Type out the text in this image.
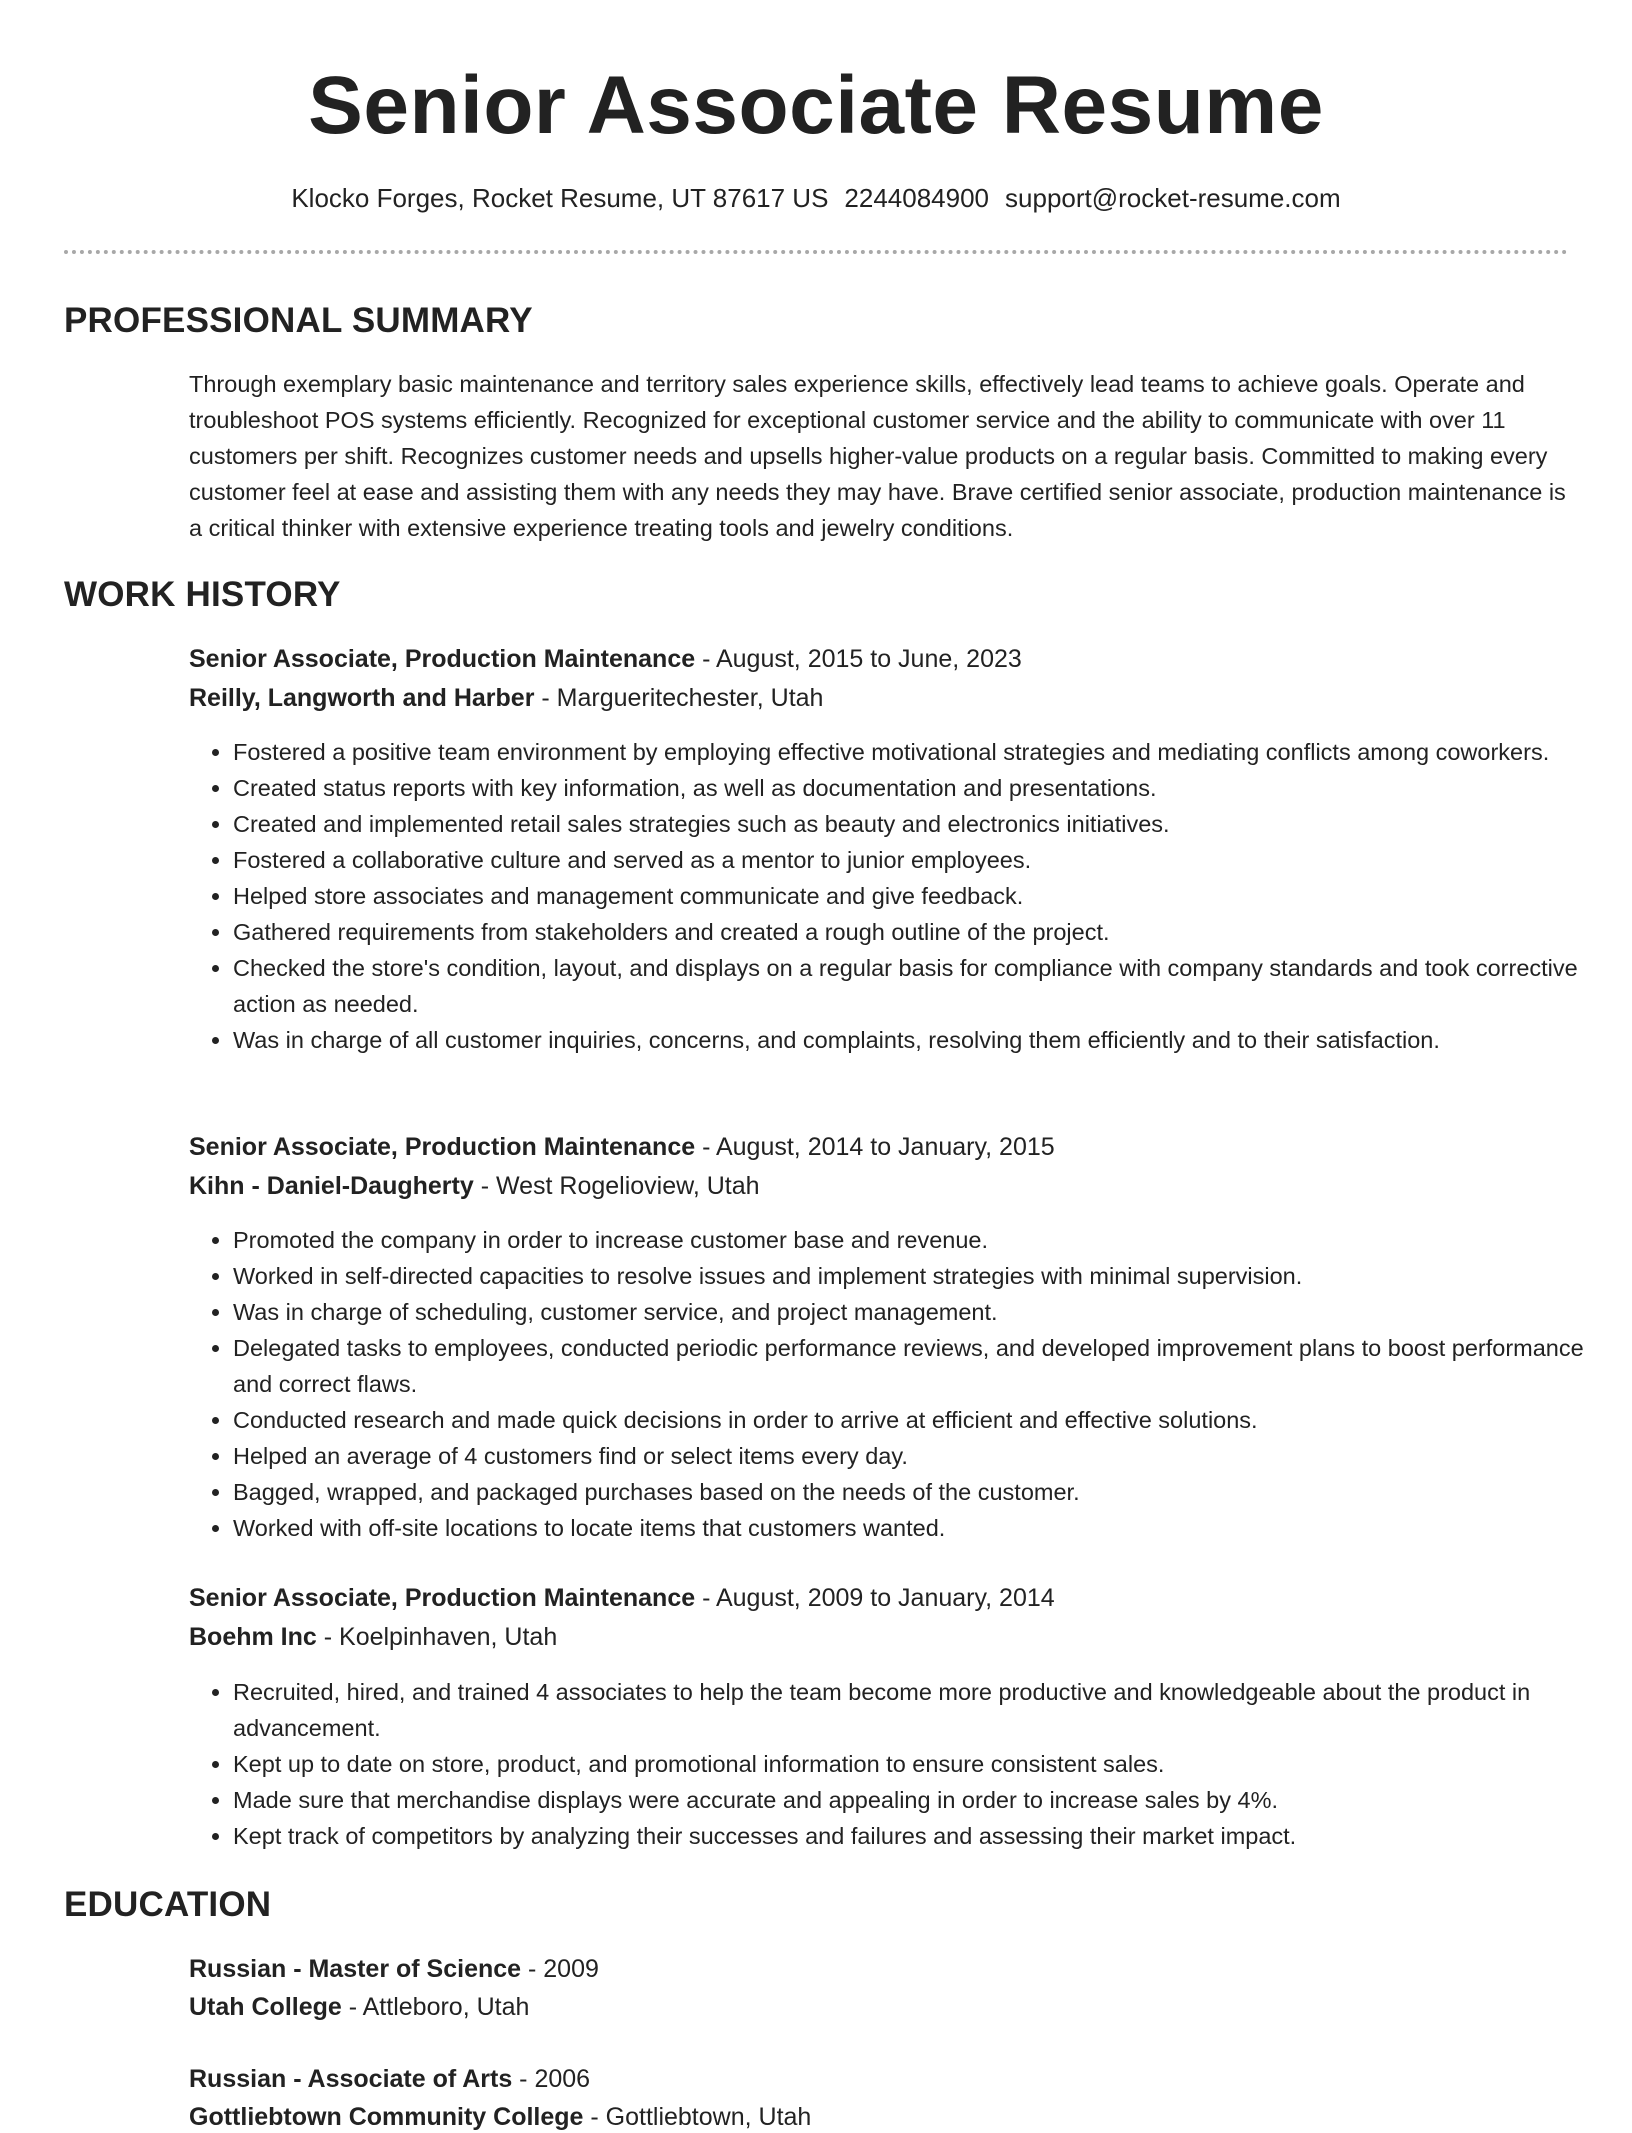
Senior Associate Resume
Klocko Forges, Rocket Resume, UT 87617 US 2244084900 support@rocket-resume.com
PROFESSIONAL SUMMARY
Through exemplary basic maintenance and territory sales experience skills, effectively lead teams to achieve goals. Operate and troubleshoot POS systems efficiently. Recognized for exceptional customer service and the ability to communicate with over 11 customers per shift. Recognizes customer needs and upsells higher-value products on a regular basis. Committed to making every customer feel at ease and assisting them with any needs they may have. Brave certified senior associate, production maintenance is a critical thinker with extensive experience treating tools and jewelry conditions.
WORK HISTORY
Senior Associate, Production Maintenance - August, 2015 to June, 2023
Reilly, Langworth and Harber - Margueritechester, Utah
• Fostered a positive team environment by employing effective motivational strategies and mediating conflicts among coworkers.
• Created status reports with key information, as well as documentation and presentations.
• Created and implemented retail sales strategies such as beauty and electronics initiatives.
• Fostered a collaborative culture and served as a mentor to junior employees.
• Helped store associates and management communicate and give feedback.
• Gathered requirements from stakeholders and created a rough outline of the project.
• Checked the store's condition, layout, and displays on a regular basis for compliance with company standards and took corrective action as needed.
• Was in charge of all customer inquiries, concerns, and complaints, resolving them efficiently and to their satisfaction.
Senior Associate, Production Maintenance - August, 2014 to January, 2015
Kihn - Daniel-Daugherty - West Rogelioview, Utah
• Promoted the company in order to increase customer base and revenue.
• Worked in self-directed capacities to resolve issues and implement strategies with minimal supervision.
• Was in charge of scheduling, customer service, and project management.
• Delegated tasks to employees, conducted periodic performance reviews, and developed improvement plans to boost performance and correct flaws.
• Conducted research and made quick decisions in order to arrive at efficient and effective solutions.
• Helped an average of 4 customers find or select items every day.
• Bagged, wrapped, and packaged purchases based on the needs of the customer.
• Worked with off-site locations to locate items that customers wanted.
Senior Associate, Production Maintenance - August, 2009 to January, 2014
Boehm Inc - Koelpinhaven, Utah
• Recruited, hired, and trained 4 associates to help the team become more productive and knowledgeable about the product in advancement.
• Kept up to date on store, product, and promotional information to ensure consistent sales.
• Made sure that merchandise displays were accurate and appealing in order to increase sales by 4%.
• Kept track of competitors by analyzing their successes and failures and assessing their market impact.
EDUCATION
Russian - Master of Science - 2009
Utah College - Attleboro, Utah
Russian - Associate of Arts - 2006
Gottliebtown Community College - Gottliebtown, Utah
